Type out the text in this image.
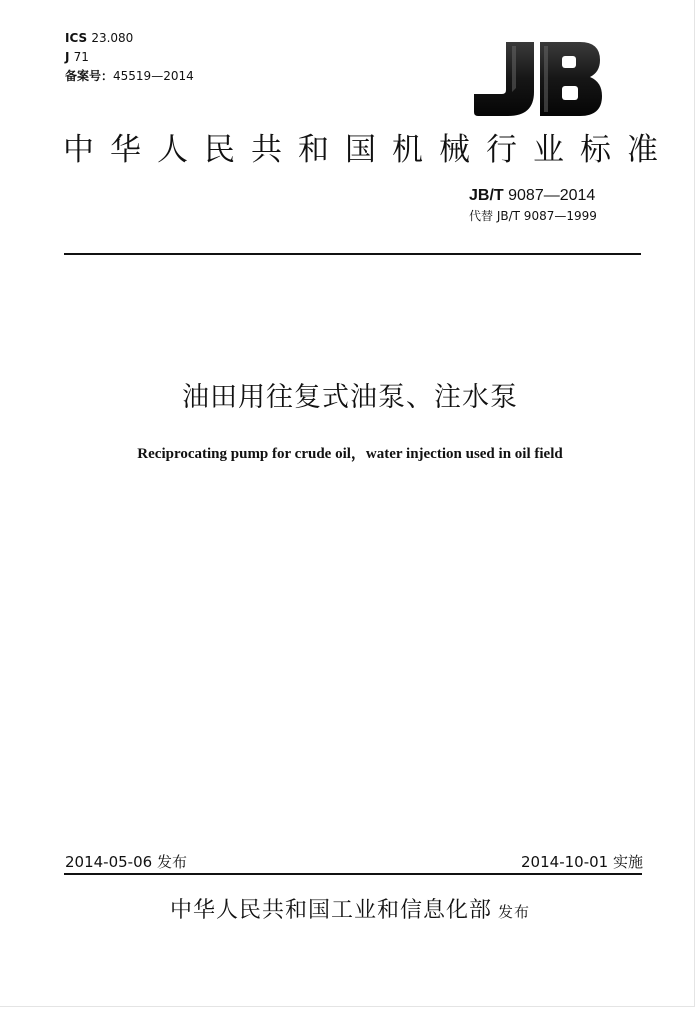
ICS 23.080
J 71
备案号：45519—2014
中华人民共和国机械行业标准
JB/T 9087—2014
代替 JB/T 9087—1999
油田用往复式油泵、注水泵
Reciprocating pump for crude oil，water injection used in oil field
2014-05-06 发布	2014-10-01 实施
中华人民共和国工业和信息化部 发布
